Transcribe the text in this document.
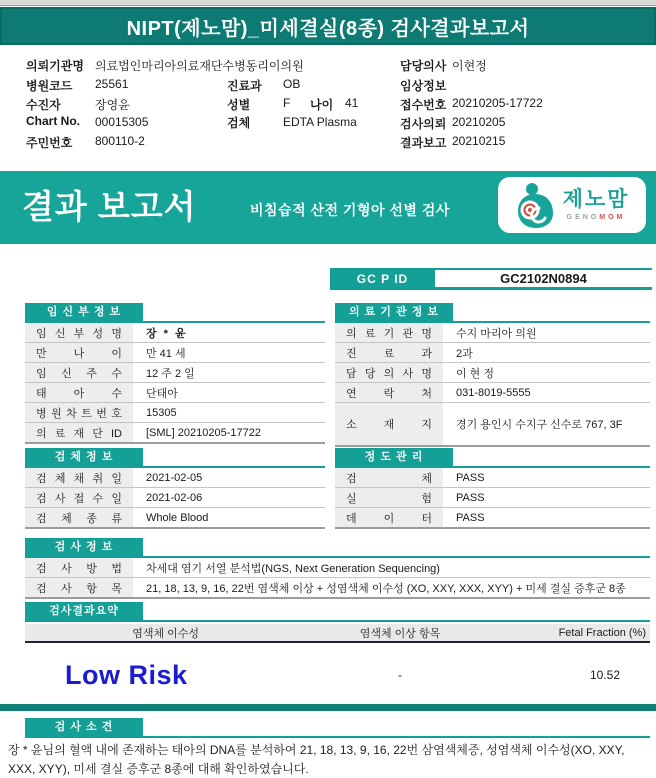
NIPT(제노맘)_미세결실(8종) 검사결과보고서
의뢰기관명 의료법인마리아의료재단수병동리이의원	담당의사 이현정
병원코드 25561	진료과 OB	임상정보
수진자	장영윤	성별	F 나이 41	접수번호 20210205-17722
Chart No. 00015305	검체	EDTA Plasma	검사의뢰 20210205
주민번호 800110-2	결과보고 20210215
결과 보고서	비침습적 산전 기형아 선별 검사	제노맘
GENOMOM
GC P ID	GC2102N0894
임 신 부 정 보
임 신 부 성 명	장 * 윤
만 나 이	만 41 세
임 신 주 수	12 주 2 일
태 아 수	단태아
병 원 차 트 번 호	15305
의 료 재 단 ID	[SML] 20210205-17722
의 료 기 관 정 보
의 료 기 관 명	수지 마리아 의원
진 료 과	2과
담 당 의 사 명	이 현 정
연 락 처	031-8019-5555
소 재 지	경기 용인시 수지구 신수로 767, 3F
검 체 정 보
검 체 채 취 일	2021-02-05
검 사 접 수 일	2021-02-06
검 체 종 류	Whole Blood
정 도 관 리
검 체	PASS
실 험	PASS
데 이 터	PASS
검 사 정 보
검 사 방 법	차세대 염기 서열 분석법(NGS, Next Generation Sequencing)
검 사 항 목	21, 18, 13, 9, 16, 22번 염색체 이상 + 성염색체 이수성 (XO, XXY, XXX, XYY) + 미세 결실 증후군 8종
검사결과요약
염색체 이수성	염색체 이상 항목	Fetal Fraction (%)
Low Risk	-	10.52
검 사 소 견
장 * 윤님의 혈액 내에 존재하는 태아의 DNA를 분석하여 21, 18, 13, 9, 16, 22번 삼염색체증, 성염색체 이수성(XO, XXY, XXX, XYY), 미세 결실 증후군 8종에 대해 확인하였습니다.
